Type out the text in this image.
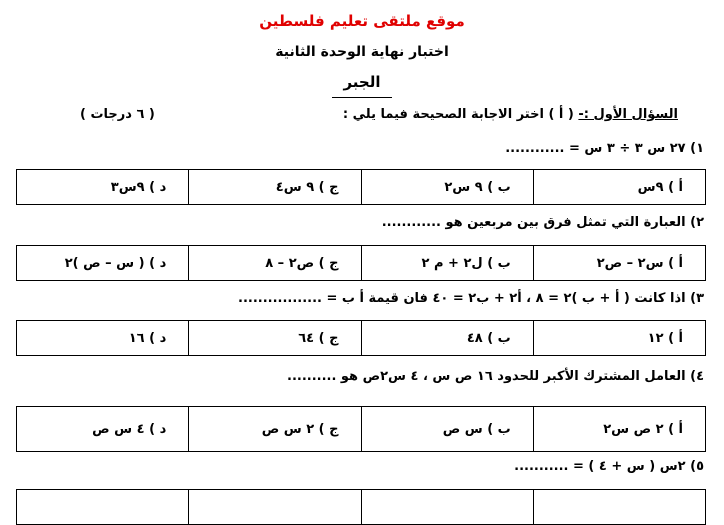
موقع ملتقى تعليم فلسطين
اختبار نهاية الوحدة الثانية
الجبر
السؤال الأول :- ( أ ) اختر الاجابة الصحيحة فيما يلي :
( ٦ درجات )
١) ٢٧ س ٣ ÷ ٣ س = ............
أ ) ٩س
ب ) ٩ س٢
ج ) ٩ س٤
د ) ٩س٣
٢) العبارة التي تمثل فرق بين مربعين هو ............
أ ) س٢ – ص٢
ب ) ل٢ + م ٢
ج ) ص٢ – ٨
د ) ( س – ص )٢
٣) اذا كانت ( أ + ب )٢ = ٨ ، أ٢ + ب٢ = ٤٠ فان قيمة أ ب = .................
أ ) ١٢
ب ) ٤٨
ج ) ٦٤
د ) ١٦
٤) العامل المشترك الأكبر للحدود ١٦ ص س ، ٤ س٢ص هو ..........
أ ) ٢ ص س٢
ب ) س ص
ج ) ٢ س ص
د ) ٤ س ص
٥) ٢س ( س + ٤ ) = ...........
